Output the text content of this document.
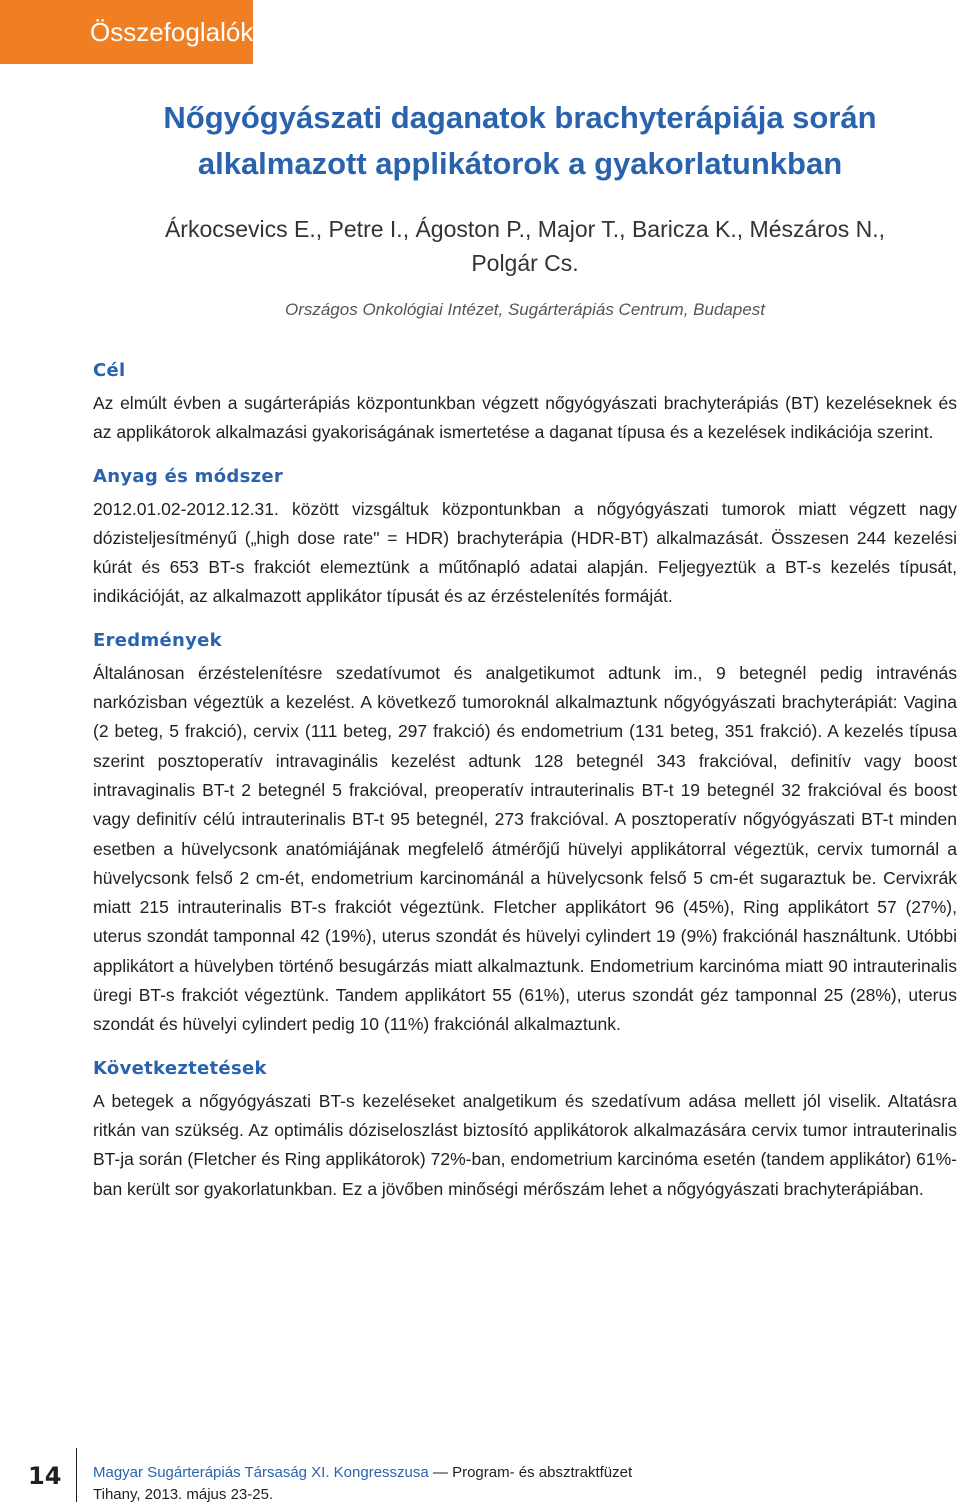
Összefoglalók
Nőgyógyászati daganatok brachyterápiája során alkalmazott applikátorok a gyakorlatunkban
Árkocsevics E., Petre I., Ágoston P., Major T., Baricza K., Mészáros N., Polgár Cs.
Országos Onkológiai Intézet, Sugárterápiás Centrum, Budapest
Cél

Az elmúlt évben a sugárterápiás központunkban végzett nőgyógyászati brachyterápiás (BT) kezeléseknek és az applikátorok alkalmazási gyakoriságának ismertetése a daganat típusa és a kezelések indikációja szerint.

Anyag és módszer

2012.01.02-2012.12.31. között vizsgáltuk központunkban a nőgyógyászati tumorok miatt végzett nagy dózisteljesítményű („high dose rate" = HDR) brachyterápia (HDR-BT) alkalmazását. Összesen 244 kezelési kúrát és 653 BT-s frakciót elemeztünk a műtőnapló adatai alapján. Feljegyeztük a BT-s kezelés típusát, indikációját, az alkalmazott applikátor típusát és az érzéstelenítés formáját.

Eredmények

Általánosan érzéstelenítésre szedatívumot és analgetikumot adtunk im., 9 betegnél pedig intravénás narkózisban végeztük a kezelést. A következő tumoroknál alkalmaztunk nőgyógyászati brachyterápiát: Vagina (2 beteg, 5 frakció), cervix (111 beteg, 297 frakció) és endometrium (131 beteg, 351 frakció). A kezelés típusa szerint posztoperatív intravaginális kezelést adtunk 128 betegnél 343 frakcióval, definitív vagy boost intravaginalis BT-t 2 betegnél 5 frakcióval, preoperatív intrauterinalis BT-t 19 betegnél 32 frakcióval és boost vagy definitív célú intrauterinalis BT-t 95 betegnél, 273 frakcióval. A posztoperatív nőgyógyászati BT-t minden esetben a hüvelycsonk anatómiájának megfelelő átmérőjű hüvelyi applikátorral végeztük, cervix tumornál a hüvelycsonk felső 2 cm-ét, endometrium karcinománál a hüvelycsonk felső 5 cm-ét sugaraztuk be. Cervixrák miatt 215 intrauterinalis BT-s frakciót végeztünk. Fletcher applikátort 96 (45%), Ring applikátort 57 (27%), uterus szondát tamponnal 42 (19%), uterus szondát és hüvelyi cylindert 19 (9%) frakciónál használtunk. Utóbbi applikátort a hüvelyben történő besugárzás miatt alkalmaztunk. Endometrium karcinóma miatt 90 intrauterinalis üregi BT-s frakciót végeztünk. Tandem applikátort 55 (61%), uterus szondát géz tamponnal 25 (28%), uterus szondát és hüvelyi cylindert pedig 10 (11%) frakciónál alkalmaztunk.

Következtetések

A betegek a nőgyógyászati BT-s kezeléseket analgetikum és szedatívum adása mellett jól viselik. Altatásra ritkán van szükség. Az optimális dóziseloszlást biztosító applikátorok alkalmazására cervix tumor intrauterinalis BT-ja során (Fletcher és Ring applikátorok) 72%-ban, endometrium karcinóma esetén (tandem applikátor) 61%-ban került sor gyakorlatunkban. Ez a jövőben minőségi mérőszám lehet a nőgyógyászati brachyterápiában.

14 Magyar Sugárterápiás Társaság XI. Kongresszusa — Program- és absztraktfüzet
Tihany, 2013. május 23-25.
